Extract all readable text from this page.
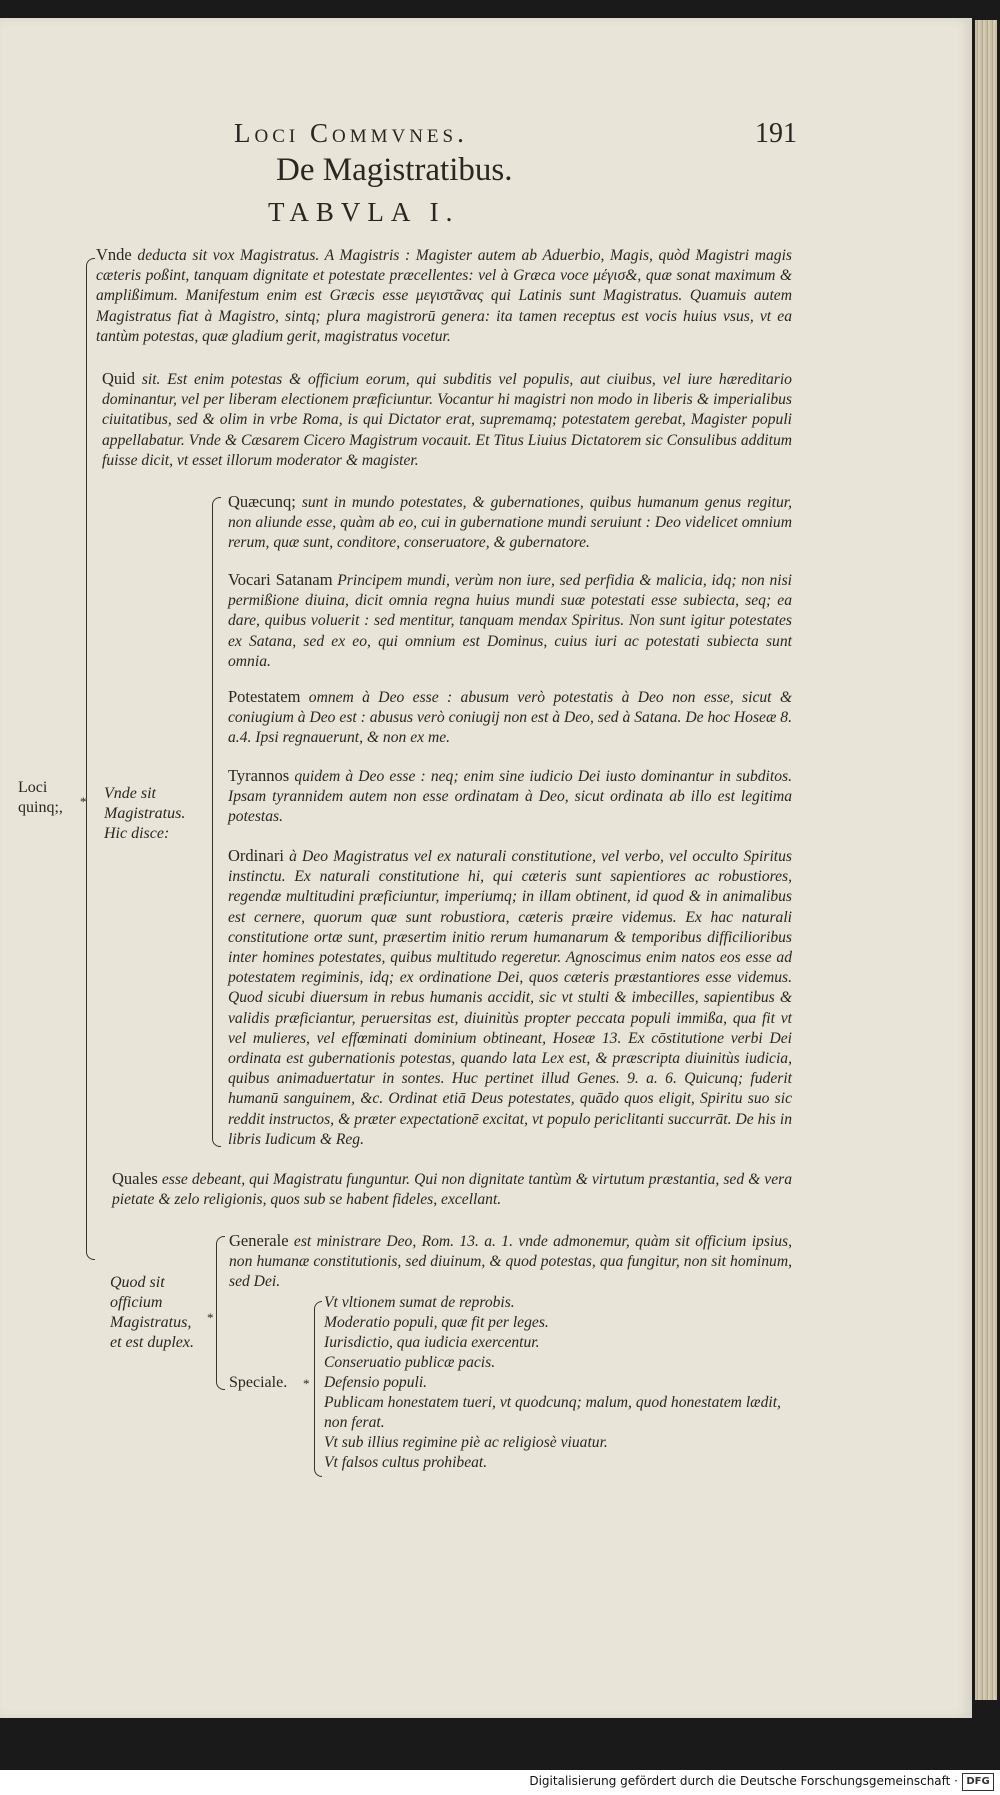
Loci Commvnes.	191
De Magistratibus.
TABVLA I.
Loci quinq;,	*
Vnde deducta sit vox Magistratus. A Magistris : Magister autem ab Aduerbio, Magis, quòd Magistri magis cæteris poßint, tanquam dignitate et potestate præcellentes: vel à Græca voce μέγισ&, quæ sonat maximum & amplißimum. Manifestum enim est Græcis esse μεγιστᾶνας qui Latinis sunt Magistratus. Quamuis autem Magistratus fiat à Magistro, sintq; plura magistrorū genera: ita tamen receptus est vocis huius vsus, vt ea tantùm potestas, quæ gladium gerit, magistratus vocetur.
Quid sit. Est enim potestas & officium eorum, qui subditis vel populis, aut ciuibus, vel iure hæreditario dominantur, vel per liberam electionem præficiuntur. Vocantur hi magistri non modo in liberis & imperialibus ciuitatibus, sed & olim in vrbe Roma, is qui Dictator erat, supremamq; potestatem gerebat, Magister populi appellabatur. Vnde & Cæsarem Cicero Magistrum vocauit. Et Titus Liuius Dictatorem sic Consulibus additum fuisse dicit, vt esset illorum moderator & magister.
Vnde sit Magistratus. Hic disce:
Quæcunq; sunt in mundo potestates, & gubernationes, quibus humanum genus regitur, non aliunde esse, quàm ab eo, cui in gubernatione mundi seruiunt : Deo videlicet omnium rerum, quæ sunt, conditore, conseruatore, & gubernatore.
Vocari Satanam Principem mundi, verùm non iure, sed perfidia & malicia, idq; non nisi permißione diuina, dicit omnia regna huius mundi suæ potestati esse subiecta, seq; ea dare, quibus voluerit : sed mentitur, tanquam mendax Spiritus. Non sunt igitur potestates ex Satana, sed ex eo, qui omnium est Dominus, cuius iuri ac potestati subiecta sunt omnia.
Potestatem omnem à Deo esse : abusum verò potestatis à Deo non esse, sicut & coniugium à Deo est : abusus verò coniugij non est à Deo, sed à Satana. De hoc Hoseæ 8. a.4. Ipsi regnauerunt, & non ex me.
Tyrannos quidem à Deo esse : neq; enim sine iudicio Dei iusto dominantur in subditos. Ipsam tyrannidem autem non esse ordinatam à Deo, sicut ordinata ab illo est legitima potestas.
Ordinari à Deo Magistratus vel ex naturali constitutione, vel verbo, vel occulto Spiritus instinctu. Ex naturali constitutione hi, qui cæteris sunt sapientiores ac robustiores, regendæ multitudini præficiuntur, imperiumq; in illam obtinent, id quod & in animalibus est cernere, quorum quæ sunt robustiora, cæteris præire videmus. Ex hac naturali constitutione ortæ sunt, præsertim initio rerum humanarum & temporibus difficilioribus inter homines potestates, quibus multitudo regeretur. Agnoscimus enim natos eos esse ad potestatem regiminis, idq; ex ordinatione Dei, quos cæteris præstantiores esse videmus. Quod sicubi diuersum in rebus humanis accidit, sic vt stulti & imbecilles, sapientibus & validis præficiantur, peruersitas est, diuinitùs propter peccata populi immißa, qua fit vt vel mulieres, vel effœminati dominium obtineant, Hoseæ 13. Ex cōstitutione verbi Dei ordinata est gubernationis potestas, quando lata Lex est, & præscripta diuinitùs iudicia, quibus animaduertatur in sontes. Huc pertinet illud Genes. 9. a. 6. Quicunq; fuderit humanū sanguinem, &c. Ordinat etiā Deus potestates, quādo quos eligit, Spiritu suo sic reddit instructos, & præter expectationē excitat, vt populo periclitanti succurrāt. De his in libris Iudicum & Reg.
Quales esse debeant, qui Magistratu funguntur. Qui non dignitate tantùm & virtutum præstantia, sed & vera pietate & zelo religionis, quos sub se habent fideles, excellant.
Quod sit officium Magistratus, et est duplex.
*
Generale est ministrare Deo, Rom. 13. a. 1. vnde admonemur, quàm sit officium ipsius, non humanæ constitutionis, sed diuinum, & quod potestas, qua fungitur, non sit hominum, sed Dei.
Speciale. *
Vt vltionem sumat de reprobis.
Moderatio populi, quæ fit per leges.
Iurisdictio, qua iudicia exercentur.
Conseruatio publicæ pacis.
Defensio populi.
Publicam honestatem tueri, vt quodcunq; malum, quod honestatem lædit, non ferat.
Vt sub illius regimine piè ac religiosè viuatur.
Vt falsos cultus prohibeat.
Digitalisierung gefördert durch die Deutsche Forschungsgemeinschaft · DFG
